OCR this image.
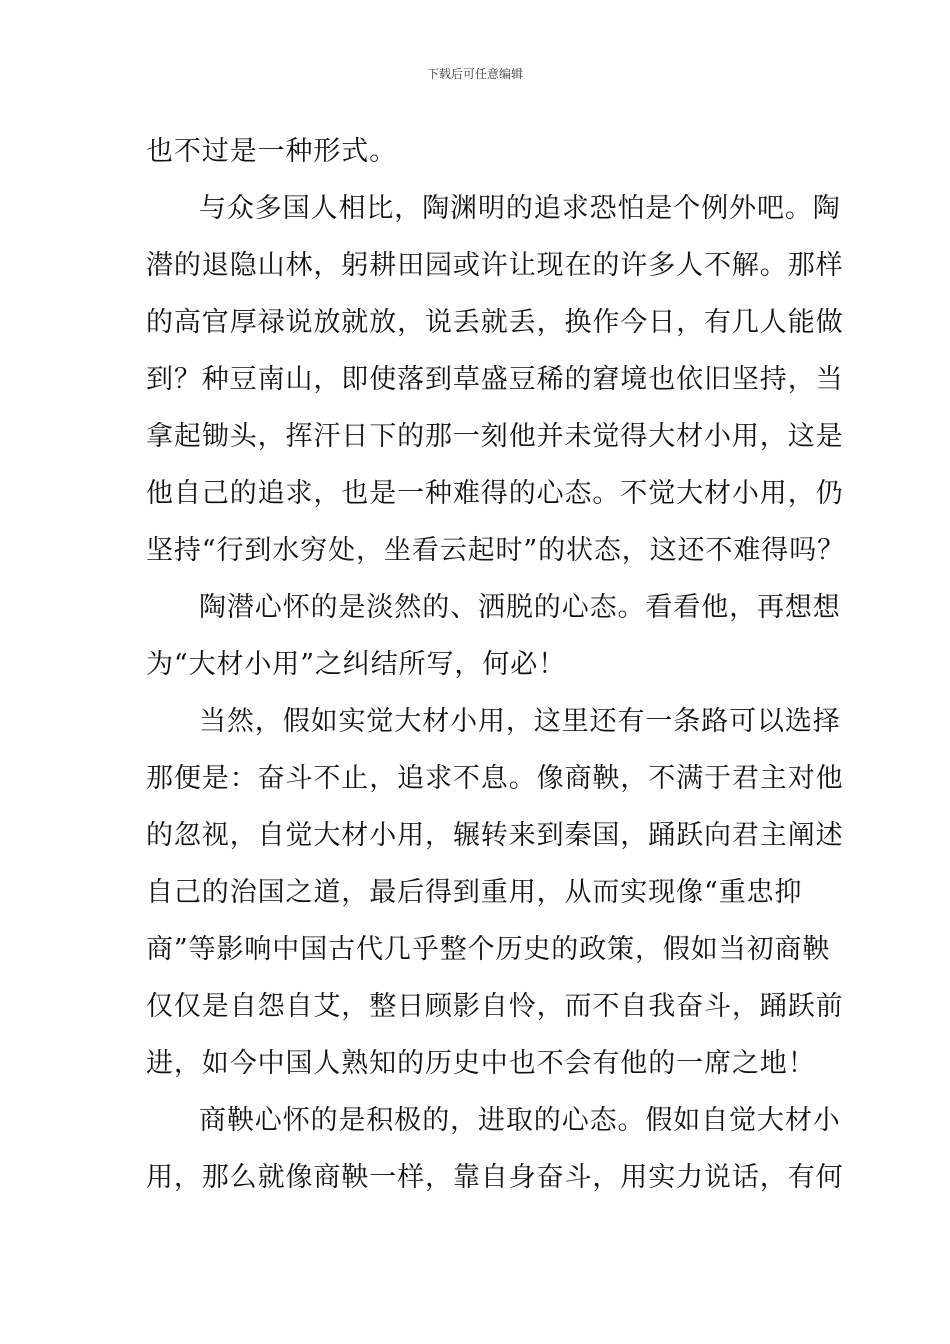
下载后可任意编辑
也不过是一种形式。
与众多国人相比，陶渊明的追求恐怕是个例外吧。陶
潜的退隐山林，躬耕田园或许让现在的许多人不解。那样
的高官厚禄说放就放，说丢就丢，换作今日，有几人能做
到？种豆南山，即使落到草盛豆稀的窘境也依旧坚持，当
拿起锄头，挥汗日下的那一刻他并未觉得大材小用，这是
他自己的追求，也是一种难得的心态。不觉大材小用，仍
坚持“行到水穷处，坐看云起时”的状态，这还不难得吗？
陶潜心怀的是淡然的、洒脱的心态。看看他，再想想
为“大材小用”之纠结所写，何必！
当然，假如实觉大材小用，这里还有一条路可以选择
那便是：奋斗不止，追求不息。像商鞅，不满于君主对他
的忽视，自觉大材小用，辗转来到秦国，踊跃向君主阐述
自己的治国之道，最后得到重用，从而实现像“重忠抑
商”等影响中国古代几乎整个历史的政策，假如当初商鞅
仅仅是自怨自艾，整日顾影自怜，而不自我奋斗，踊跃前
进，如今中国人熟知的历史中也不会有他的一席之地！
商鞅心怀的是积极的，进取的心态。假如自觉大材小
用，那么就像商鞅一样，靠自身奋斗，用实力说话，有何
